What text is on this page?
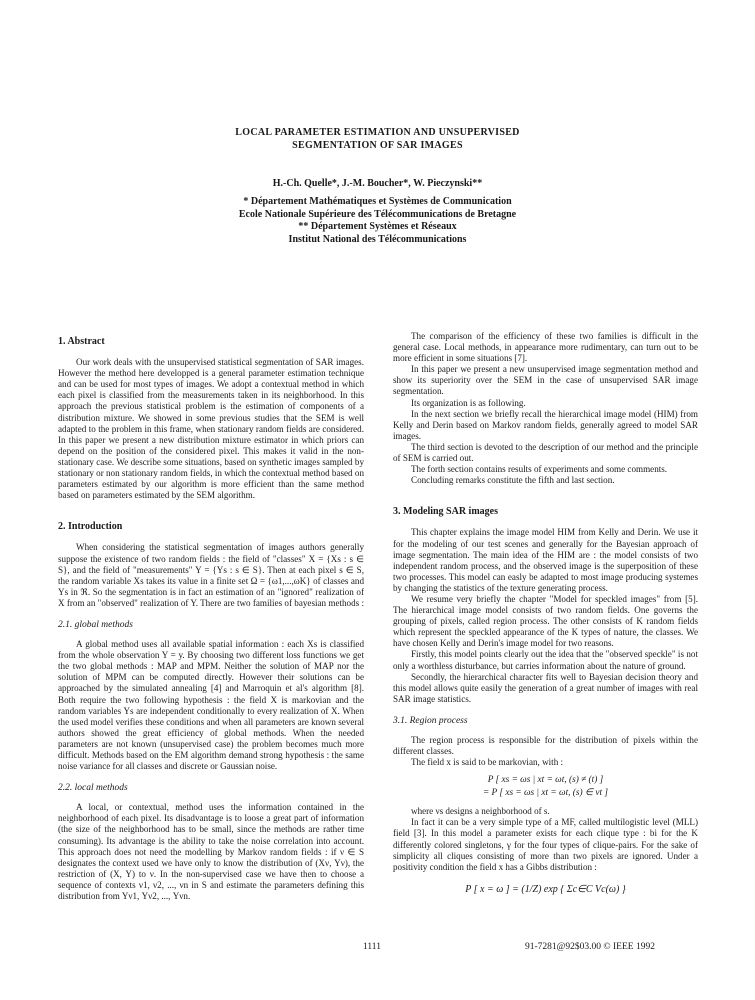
LOCAL PARAMETER ESTIMATION AND UNSUPERVISED
SEGMENTATION OF SAR IMAGES
H.-Ch. Quelle*, J.-M. Boucher*, W. Pieczynski**
* Département Mathématiques et Systèmes de Communication
Ecole Nationale Supérieure des Télécommunications de Bretagne
** Département Systèmes et Réseaux
Institut National des Télécommunications
1. Abstract

Our work deals with the unsupervised statistical segmentation of SAR images. However the method here developped is a general parameter estimation technique and can be used for most types of images. We adopt a contextual method in which each pixel is classified from the measurements taken in its neighborhood. In this approach the previous statistical problem is the estimation of components of a distribution mixture. We showed in some previous studies that the SEM is well adapted to the problem in this frame, when stationary random fields are considered. In this paper we present a new distribution mixture estimator in which priors can depend on the position of the considered pixel. This makes it valid in the non-stationary case. We describe some situations, based on synthetic images sampled by stationary or non stationary random fields, in which the contextual method based on parameters estimated by our algorithm is more efficient than the same method based on parameters estimated by the SEM algorithm.

2. Introduction

When considering the statistical segmentation of images authors generally suppose the existence of two random fields : the field of "classes" X = {Xs : s ∈ S}, and the field of "measurements" Y = {Ys : s ∈ S}. Then at each pixel s ∈ S, the random variable Xs takes its value in a finite set Ω = {ω1,...,ωK} of classes and Ys in ℜ. So the segmentation is in fact an estimation of an "ignored" realization of X from an "observed" realization of Y. There are two families of bayesian methods :

2.1. global methods

A global method uses all available spatial information : each Xs is classified from the whole observation Y = y. By choosing two different loss functions we get the two global methods : MAP and MPM. Neither the solution of MAP nor the solution of MPM can be computed directly. However their solutions can be approached by the simulated annealing [4] and Marroquin et al's algorithm [8]. Both require the two following hypothesis : the field X is markovian and the random variables Ys are independent conditionally to every realization of X. When the used model verifies these conditions and when all parameters are known several authors showed the great efficiency of global methods. When the needed parameters are not known (unsupervised case) the problem becomes much more difficult. Methods based on the EM algorithm demand strong hypothesis : the same noise variance for all classes and discrete or Gaussian noise.

2.2. local methods

A local, or contextual, method uses the information contained in the neighborhood of each pixel. Its disadvantage is to loose a great part of information (the size of the neighborhood has to be small, since the methods are rather time consuming). Its advantage is the ability to take the noise correlation into account. This approach does not need the modelling by Markov random fields : if ν ∈ S designates the context used we have only to know the distribution of (Xν, Yν), the restriction of (X, Y) to ν. In the non-supervised case we have then to choose a sequence of contexts ν1, ν2, ..., νn in S and estimate the parameters defining this distribution from Yν1, Yν2, ..., Yνn.

The comparison of the efficiency of these two families is difficult in the general case. Local methods, in appearance more rudimentary, can turn out to be more efficient in some situations [7].

In this paper we present a new unsupervised image segmentation method and show its superiority over the SEM in the case of unsupervised SAR image segmentation.

Its organization is as following.

In the next section we briefly recall the hierarchical image model (HIM) from Kelly and Derin based on Markov random fields, generally agreed to model SAR images.

The third section is devoted to the description of our method and the principle of SEM is carried out.

The forth section contains results of experiments and some comments.

Concluding remarks constitute the fifth and last section.

3. Modeling SAR images

This chapter explains the image model HIM from Kelly and Derin. We use it for the modeling of our test scenes and generally for the Bayesian approach of image segmentation. The main idea of the HIM are : the model consists of two independent random process, and the observed image is the superposition of these two processes. This model can easly be adapted to most image producing systemes by changing the statistics of the texture generating process.

We resume very briefly the chapter "Model for speckled images" from [5]. The hierarchical image model consists of two random fields. One governs the grouping of pixels, called region process. The other consists of K random fields which represent the speckled appearance of the K types of nature, the classes. We have chosen Kelly and Derin's image model for two reasons.

Firstly, this model points clearly out the idea that the "observed speckle" is not only a worthless disturbance, but carries information about the nature of ground.

Secondly, the hierarchical character fits well to Bayesian decision theory and this model allows quite easily the generation of a great number of images with real SAR image statistics.

3.1. Region process

The region process is responsible for the distribution of pixels within the different classes.

The field x is said to be markovian, with :

P [ xs = ωs | xt = ωt, (s) ≠ (t) ]
= P [ xs = ωs | xt = ωt, (s) ∈ νt ]

where νs designs a neighborhood of s.

In fact it can be a very simple type of a MF, called multilogistic level (MLL) field [3]. In this model a parameter exists for each clique type : bi for the K differently colored singletons, γ for the four types of clique-pairs. For the sake of simplicity all cliques consisting of more than two pixels are ignored. Under a positivity condition the field x has a Gibbs distribution :

P [ x = ω ] = (1/Z) exp { Σc∈C Vc(ω) }
1111	91-7281@92$03.00 © IEEE 1992
